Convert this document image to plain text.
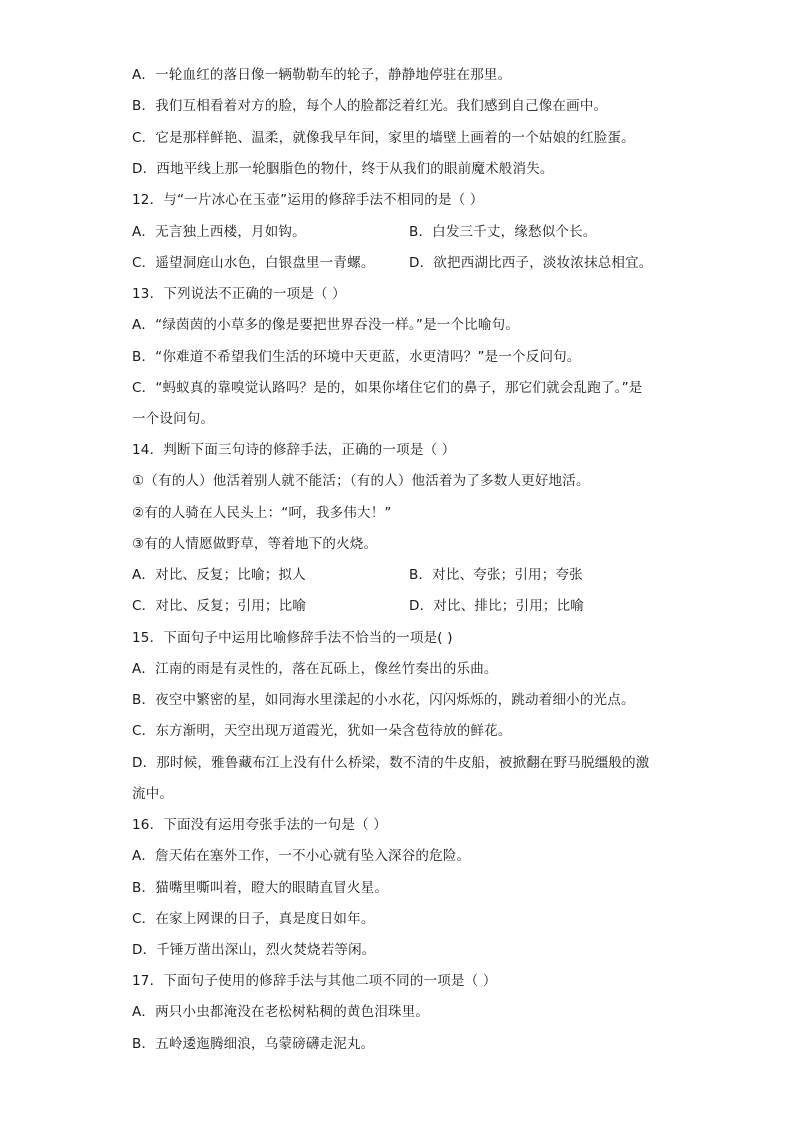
A．一轮血红的落日像一辆勒勒车的轮子，静静地停驻在那里。
B．我们互相看着对方的脸，每个人的脸都泛着红光。我们感到自己像在画中。
C．它是那样鲜艳、温柔，就像我早年间，家里的墙壁上画着的一个姑娘的红脸蛋。
D．西地平线上那一轮胭脂色的物什，终于从我们的眼前魔术般消失。
12．与“一片冰心在玉壶”运用的修辞手法不相同的是（ ）
A．无言独上西楼，月如钩。	B．白发三千丈，缘愁似个长。
C．遥望洞庭山水色，白银盘里一青螺。	D．欲把西湖比西子，淡妆浓抹总相宜。
13．下列说法不正确的一项是（ ）
A．“绿茵茵的小草多的像是要把世界吞没一样。”是一个比喻句。
B．“你难道不希望我们生活的环境中天更蓝，水更清吗？”是一个反问句。
C．“蚂蚁真的靠嗅觉认路吗？是的，如果你堵住它们的鼻子，那它们就会乱跑了。”是
一个设问句。
14．判断下面三句诗的修辞手法，正确的一项是（ ）
①（有的人）他活着别人就不能活；（有的人）他活着为了多数人更好地活。
②有的人骑在人民头上：“呵，我多伟大！”
③有的人情愿做野草，等着地下的火烧。
A．对比、反复；比喻；拟人	B．对比、夸张；引用；夸张
C．对比、反复；引用；比喻	D．对比、排比；引用；比喻
15．下面句子中运用比喻修辞手法不恰当的一项是( )
A．江南的雨是有灵性的，落在瓦砾上，像丝竹奏出的乐曲。
B．夜空中繁密的星，如同海水里漾起的小水花，闪闪烁烁的，跳动着细小的光点。
C．东方渐明，天空出现万道霞光，犹如一朵含苞待放的鲜花。
D．那时候，雅鲁藏布江上没有什么桥梁，数不清的牛皮船，被掀翻在野马脱缰般的激
流中。
16．下面没有运用夸张手法的一句是（ ）
A．詹天佑在塞外工作，一不小心就有坠入深谷的危险。
B．猫嘴里嘶叫着，瞪大的眼睛直冒火星。
C．在家上网课的日子，真是度日如年。
D．千锤万凿出深山，烈火焚烧若等闲。
17．下面句子使用的修辞手法与其他二项不同的一项是（ ）
A．两只小虫都淹没在老松树粘稠的黄色泪珠里。
B．五岭逶迤腾细浪，乌蒙磅礴走泥丸。
